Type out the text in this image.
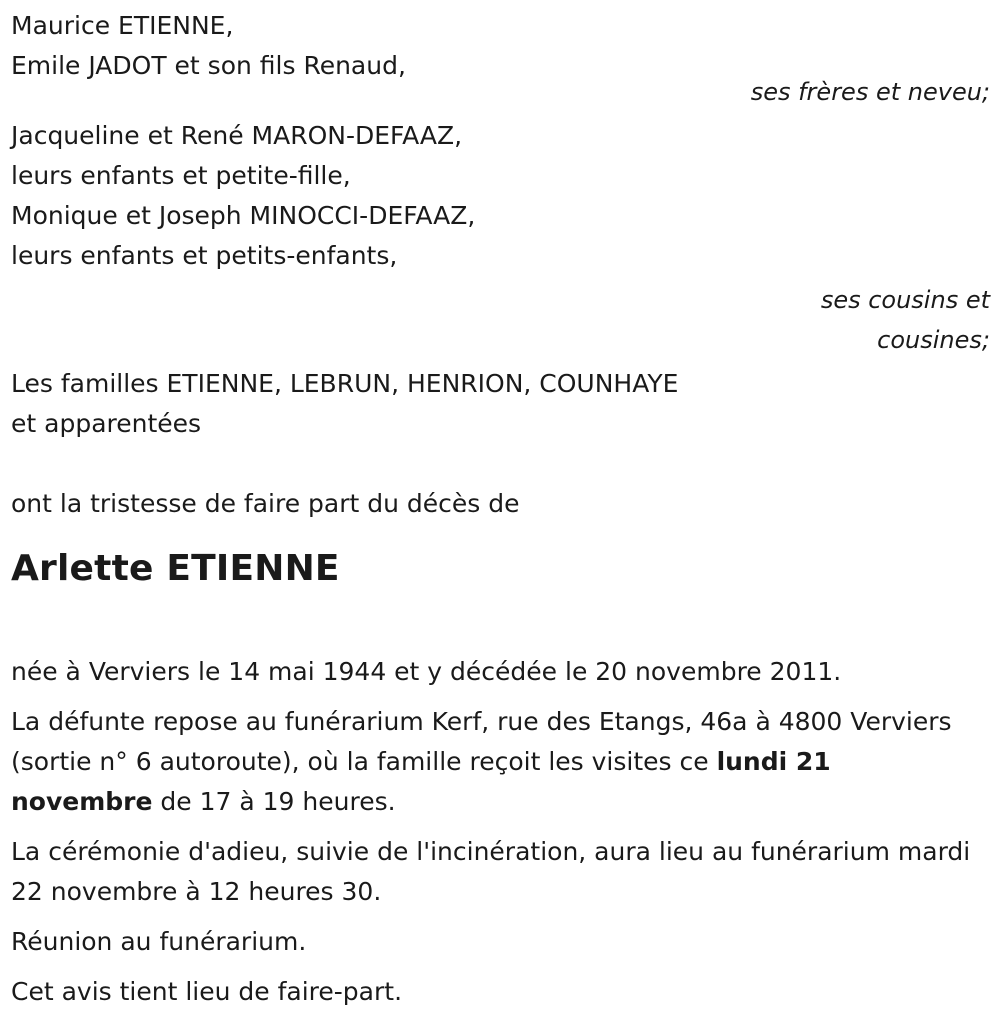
Maurice ETIENNE,
Emile JADOT et son fils Renaud,
ses frères et neveu;
Jacqueline et René MARON-DEFAAZ,
leurs enfants et petite-fille,
Monique et Joseph MINOCCI-DEFAAZ,
leurs enfants et petits-enfants,
ses cousins et
cousines;
Les familles ETIENNE, LEBRUN, HENRION, COUNHAYE
et apparentées
ont la tristesse de faire part du décès de
Arlette ETIENNE

née à Verviers le 14 mai 1944 et y décédée le 20 novembre 2011.

La défunte repose au funérarium Kerf, rue des Etangs, 46a à 4800 Verviers (sortie n° 6 autoroute), où la famille reçoit les visites ce lundi 21
novembre de 17 à 19 heures.

La cérémonie d'adieu, suivie de l'incinération, aura lieu au funérarium mardi 22 novembre à 12 heures 30.

Réunion au funérarium.

Cet avis tient lieu de faire-part.
